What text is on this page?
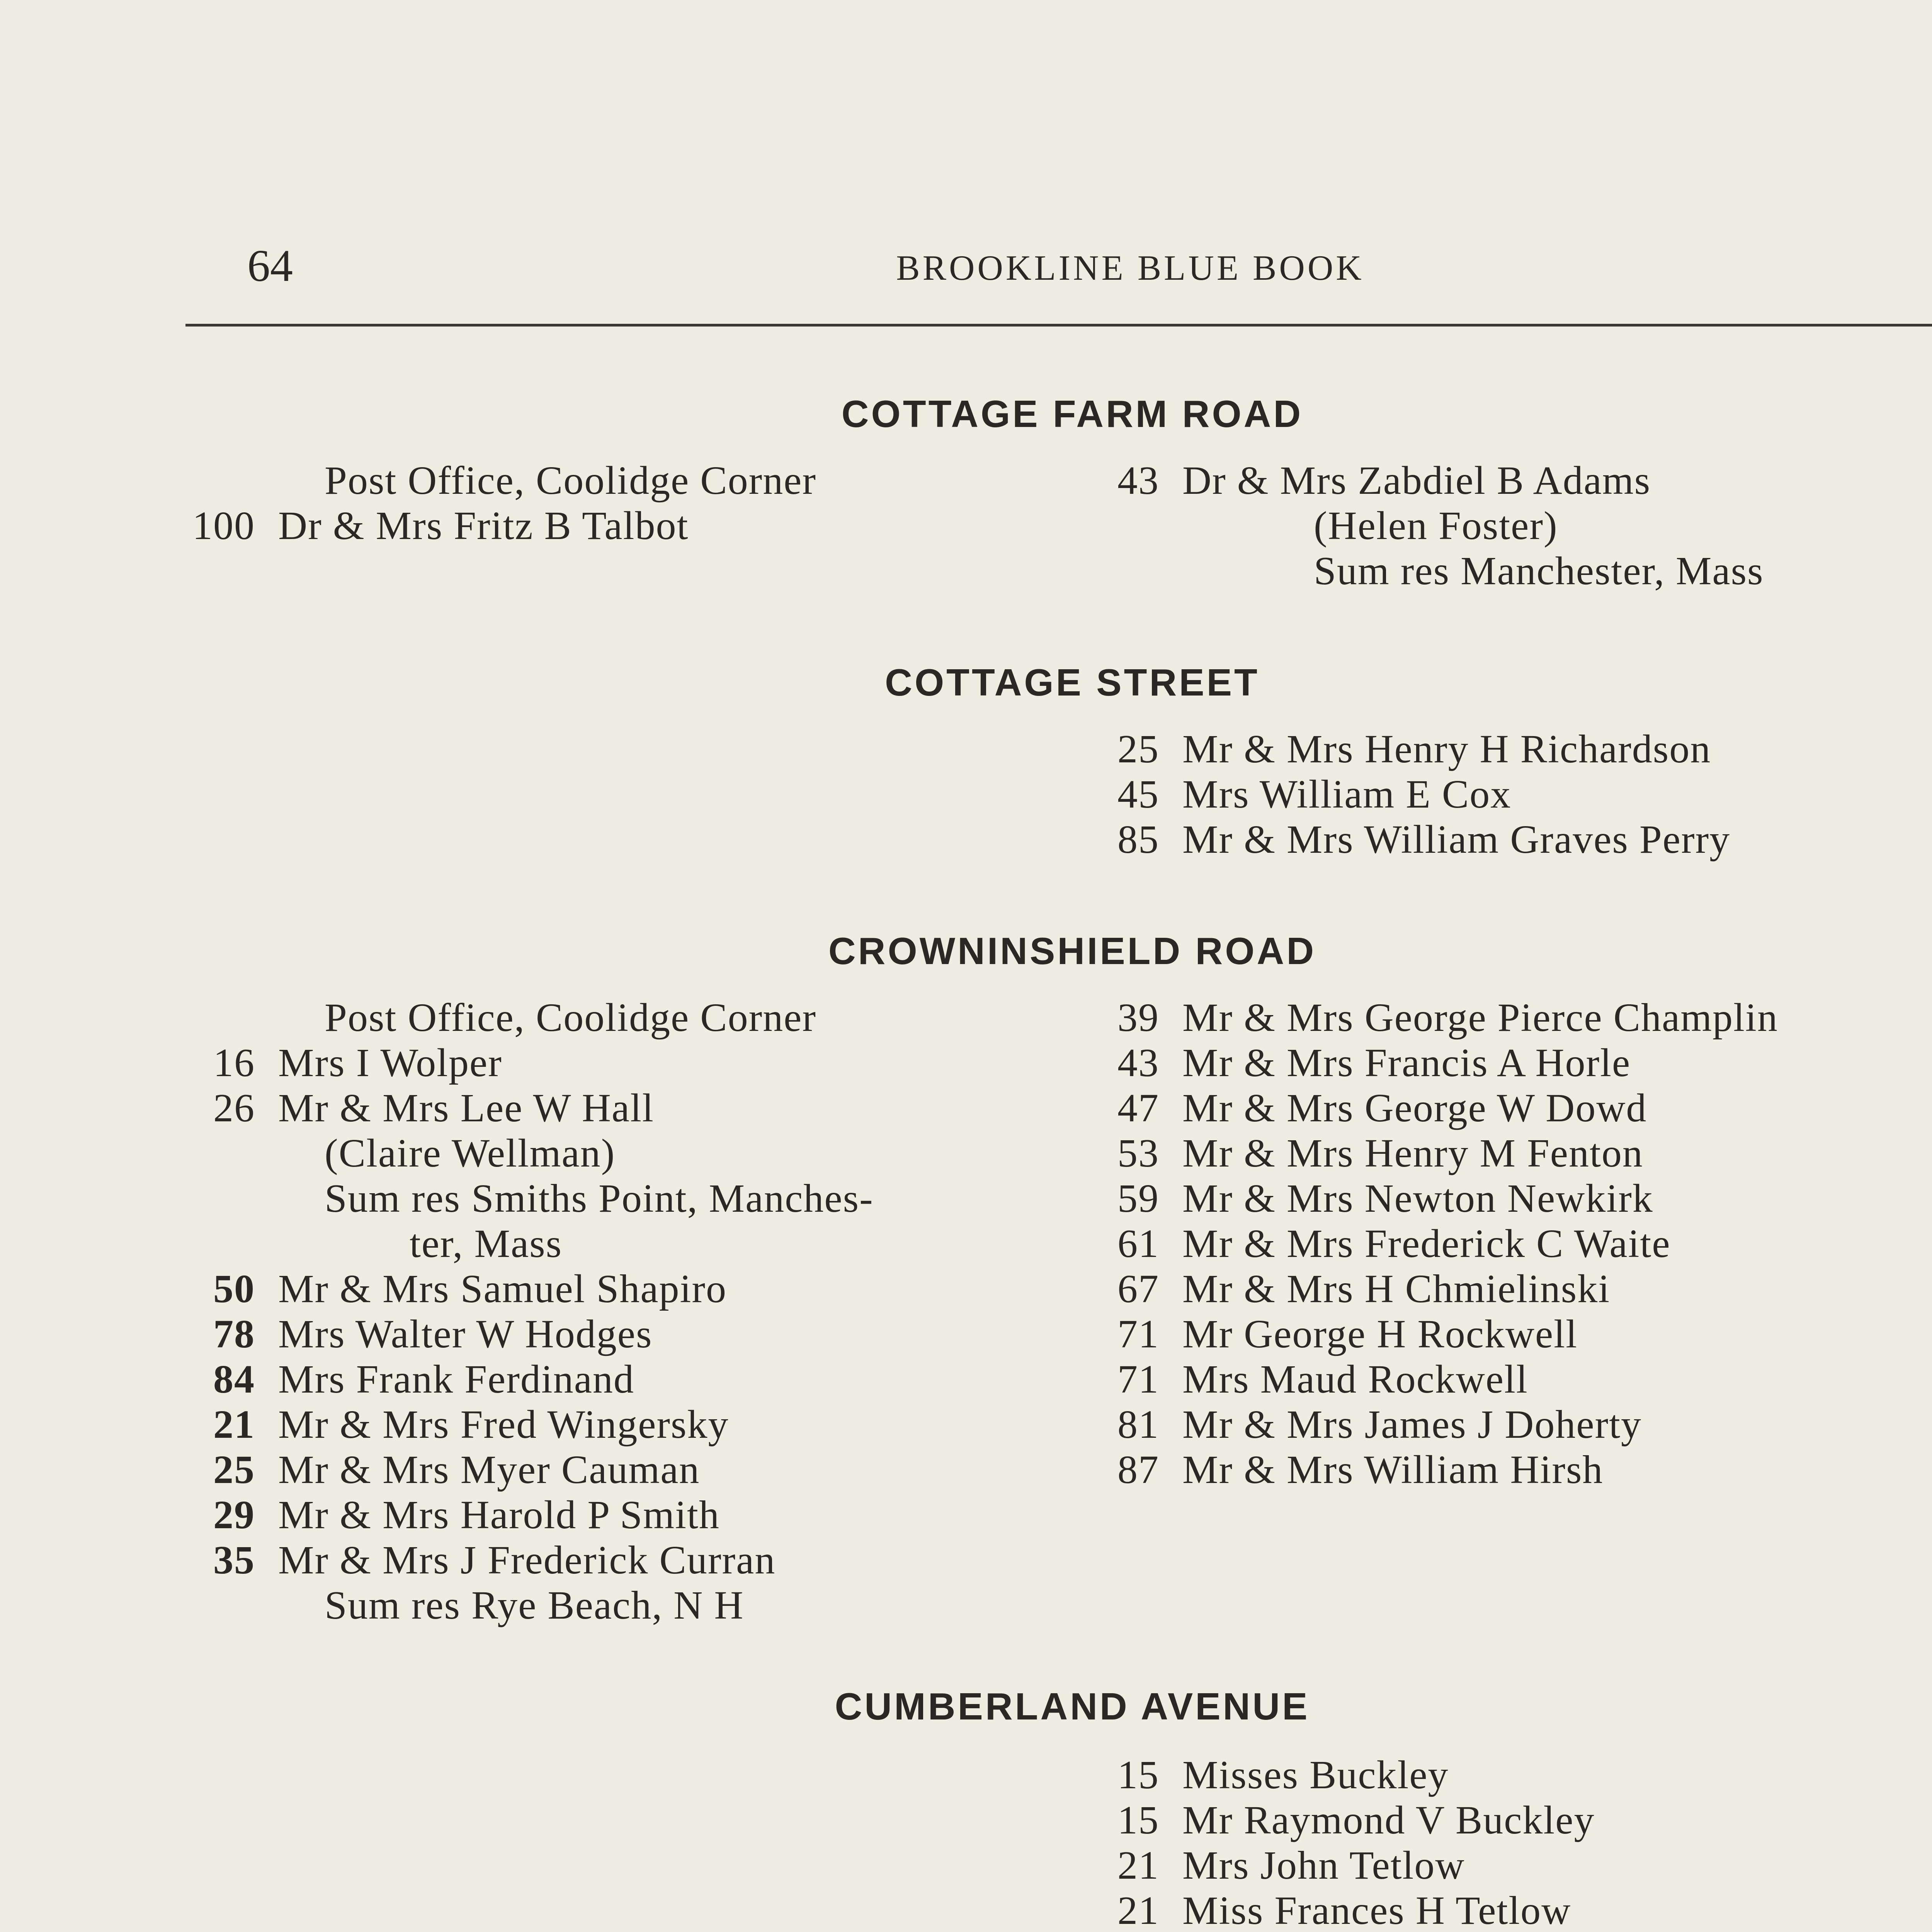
64	BROOKLINE BLUE BOOK
COTTAGE FARM ROAD
Post Office, Coolidge Corner
100 Dr & Mrs Fritz B Talbot
43 Dr & Mrs Zabdiel B Adams
(Helen Foster)
Sum res Manchester, Mass
COTTAGE STREET
25 Mr & Mrs Henry H Richardson
45 Mrs William E Cox
85 Mr & Mrs William Graves Perry
CROWNINSHIELD ROAD
Post Office, Coolidge Corner
16 Mrs I Wolper
26 Mr & Mrs Lee W Hall
(Claire Wellman)
Sum res Smiths Point, Manches-
ter, Mass
50 Mr & Mrs Samuel Shapiro
78 Mrs Walter W Hodges
84 Mrs Frank Ferdinand
21 Mr & Mrs Fred Wingersky
25 Mr & Mrs Myer Cauman
29 Mr & Mrs Harold P Smith
35 Mr & Mrs J Frederick Curran
Sum res Rye Beach, N H
39 Mr & Mrs George Pierce Champlin
43 Mr & Mrs Francis A Horle
47 Mr & Mrs George W Dowd
53 Mr & Mrs Henry M Fenton
59 Mr & Mrs Newton Newkirk
61 Mr & Mrs Frederick C Waite
67 Mr & Mrs H Chmielinski
71 Mr George H Rockwell
71 Mrs Maud Rockwell
81 Mr & Mrs James J Doherty
87 Mr & Mrs William Hirsh
CUMBERLAND AVENUE
15 Misses Buckley
15 Mr Raymond V Buckley
21 Mrs John Tetlow
21 Miss Frances H Tetlow
